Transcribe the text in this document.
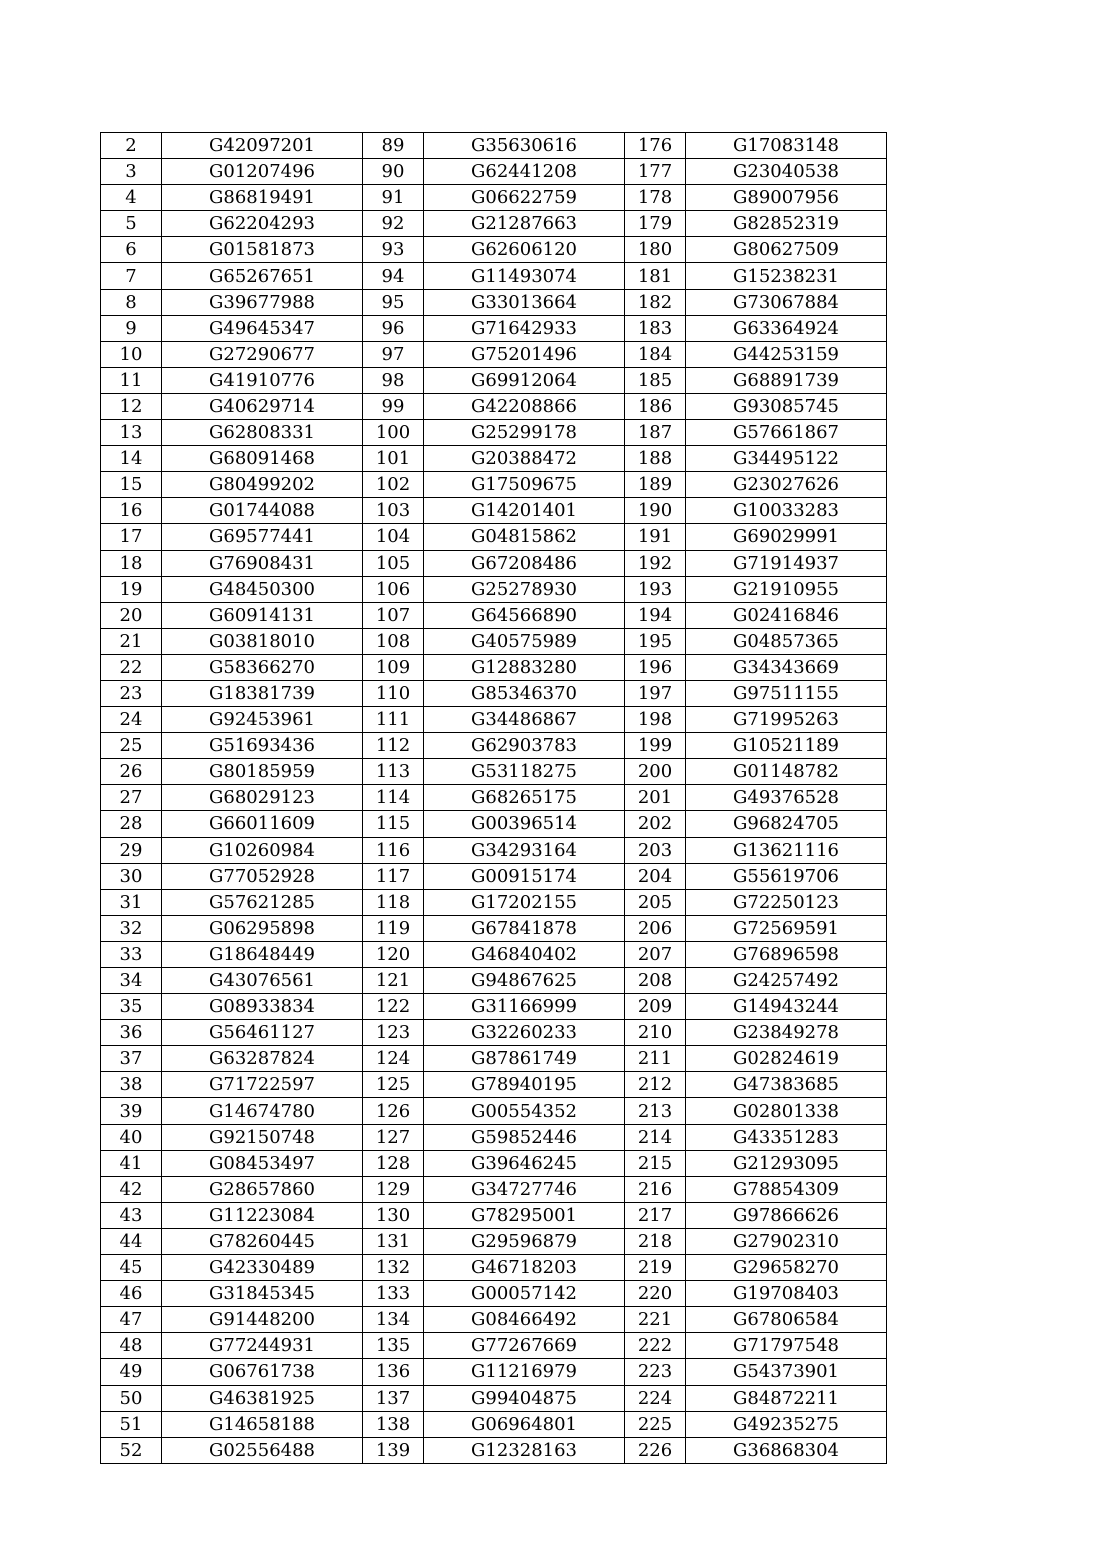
2	G42097201	89	G35630616	176	G17083148
3	G01207496	90	G62441208	177	G23040538
4	G86819491	91	G06622759	178	G89007956
5	G62204293	92	G21287663	179	G82852319
6	G01581873	93	G62606120	180	G80627509
7	G65267651	94	G11493074	181	G15238231
8	G39677988	95	G33013664	182	G73067884
9	G49645347	96	G71642933	183	G63364924
10	G27290677	97	G75201496	184	G44253159
11	G41910776	98	G69912064	185	G68891739
12	G40629714	99	G42208866	186	G93085745
13	G62808331	100	G25299178	187	G57661867
14	G68091468	101	G20388472	188	G34495122
15	G80499202	102	G17509675	189	G23027626
16	G01744088	103	G14201401	190	G10033283
17	G69577441	104	G04815862	191	G69029991
18	G76908431	105	G67208486	192	G71914937
19	G48450300	106	G25278930	193	G21910955
20	G60914131	107	G64566890	194	G02416846
21	G03818010	108	G40575989	195	G04857365
22	G58366270	109	G12883280	196	G34343669
23	G18381739	110	G85346370	197	G97511155
24	G92453961	111	G34486867	198	G71995263
25	G51693436	112	G62903783	199	G10521189
26	G80185959	113	G53118275	200	G01148782
27	G68029123	114	G68265175	201	G49376528
28	G66011609	115	G00396514	202	G96824705
29	G10260984	116	G34293164	203	G13621116
30	G77052928	117	G00915174	204	G55619706
31	G57621285	118	G17202155	205	G72250123
32	G06295898	119	G67841878	206	G72569591
33	G18648449	120	G46840402	207	G76896598
34	G43076561	121	G94867625	208	G24257492
35	G08933834	122	G31166999	209	G14943244
36	G56461127	123	G32260233	210	G23849278
37	G63287824	124	G87861749	211	G02824619
38	G71722597	125	G78940195	212	G47383685
39	G14674780	126	G00554352	213	G02801338
40	G92150748	127	G59852446	214	G43351283
41	G08453497	128	G39646245	215	G21293095
42	G28657860	129	G34727746	216	G78854309
43	G11223084	130	G78295001	217	G97866626
44	G78260445	131	G29596879	218	G27902310
45	G42330489	132	G46718203	219	G29658270
46	G31845345	133	G00057142	220	G19708403
47	G91448200	134	G08466492	221	G67806584
48	G77244931	135	G77267669	222	G71797548
49	G06761738	136	G11216979	223	G54373901
50	G46381925	137	G99404875	224	G84872211
51	G14658188	138	G06964801	225	G49235275
52	G02556488	139	G12328163	226	G36868304
